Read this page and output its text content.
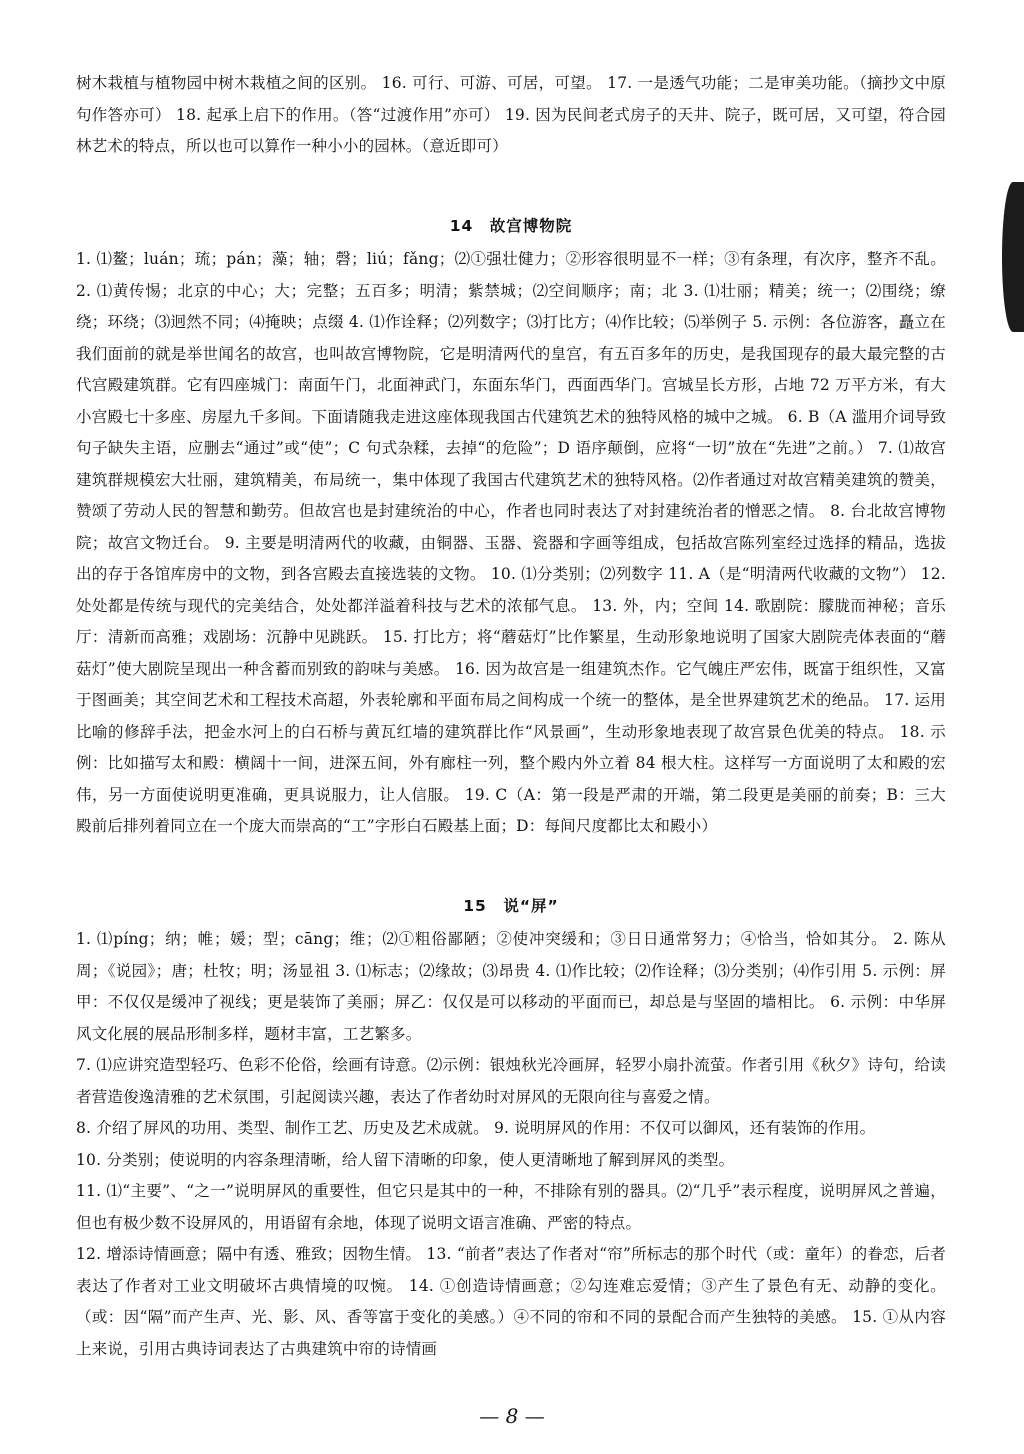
树木栽植与植物园中树木栽植之间的区别。 16. 可行、可游、可居，可望。 17. 一是透气功能；二是审美功能。（摘抄文中原句作答亦可） 18. 起承上启下的作用。（答“过渡作用”亦可） 19. 因为民间老式房子的天井、院子，既可居，又可望，符合园林艺术的特点，所以也可以算作一种小小的园林。（意近即可）

14　故宫博物院

1. ⑴鳌；luán；琉；pán；藻；轴；磬；liú；fǎng；⑵①强壮健力；②形容很明显不一样；③有条理，有次序，整齐不乱。 2. ⑴黄传惕；北京的中心；大；完整；五百多；明清；紫禁城；⑵空间顺序；南；北 3. ⑴壮丽；精美；统一；⑵围绕；缭绕；环绕；⑶迥然不同；⑷掩映；点缀 4. ⑴作诠释；⑵列数字；⑶打比方；⑷作比较；⑸举例子 5. 示例：各位游客，矗立在我们面前的就是举世闻名的故宫，也叫故宫博物院，它是明清两代的皇宫，有五百多年的历史，是我国现存的最大最完整的古代宫殿建筑群。它有四座城门：南面午门，北面神武门，东面东华门，西面西华门。宫城呈长方形，占地 72 万平方米，有大小宫殿七十多座、房屋九千多间。下面请随我走进这座体现我国古代建筑艺术的独特风格的城中之城。 6. B（A 滥用介词导致句子缺失主语，应删去“通过”或“使”；C 句式杂糅，去掉“的危险”；D 语序颠倒，应将“一切”放在“先进”之前。） 7. ⑴故宫建筑群规模宏大壮丽，建筑精美，布局统一，集中体现了我国古代建筑艺术的独特风格。⑵作者通过对故宫精美建筑的赞美，赞颂了劳动人民的智慧和勤劳。但故宫也是封建统治的中心，作者也同时表达了对封建统治者的憎恶之情。 8. 台北故宫博物院；故宫文物迁台。 9. 主要是明清两代的收藏，由铜器、玉器、瓷器和字画等组成，包括故宫陈列室经过选择的精品，选拔出的存于各馆库房中的文物，到各宫殿去直接选装的文物。 10. ⑴分类别；⑵列数字 11. A（是“明清两代收藏的文物”） 12. 处处都是传统与现代的完美结合，处处都洋溢着科技与艺术的浓郁气息。 13. 外，内；空间 14. 歌剧院：朦胧而神秘；音乐厅：清新而高雅；戏剧场：沉静中见跳跃。 15. 打比方；将“蘑菇灯”比作繁星，生动形象地说明了国家大剧院壳体表面的“蘑菇灯”使大剧院呈现出一种含蓄而别致的韵味与美感。 16. 因为故宫是一组建筑杰作。它气魄庄严宏伟，既富于组织性，又富于图画美；其空间艺术和工程技术高超，外表轮廓和平面布局之间构成一个统一的整体，是全世界建筑艺术的绝品。 17. 运用比喻的修辞手法，把金水河上的白石桥与黄瓦红墙的建筑群比作“风景画”，生动形象地表现了故宫景色优美的特点。 18. 示例：比如描写太和殿：横阔十一间，进深五间，外有廊柱一列，整个殿内外立着 84 根大柱。这样写一方面说明了太和殿的宏伟，另一方面使说明更准确，更具说服力，让人信服。 19. C（A：第一段是严肃的开端，第二段更是美丽的前奏；B：三大殿前后排列着同立在一个庞大而崇高的“工”字形白石殿基上面；D：每间尺度都比太和殿小）

15　说“屏”

1. ⑴píng；纳；帷；媛；型；cāng；维；⑵①粗俗鄙陋；②使冲突缓和；③日日通常努力；④恰当，恰如其分。 2. 陈从周；《说园》；唐；杜牧；明；汤显祖 3. ⑴标志；⑵缘故；⑶昂贵 4. ⑴作比较；⑵作诠释；⑶分类别；⑷作引用 5. 示例：屏甲：不仅仅是缓冲了视线；更是装饰了美丽；屏乙：仅仅是可以移动的平面而已，却总是与坚固的墙相比。 6. 示例：中华屏风文化展的展品形制多样，题材丰富，工艺繁多。

7. ⑴应讲究造型轻巧、色彩不伦俗，绘画有诗意。⑵示例：银烛秋光冷画屏，轻罗小扇扑流萤。作者引用《秋夕》诗句，给读者营造俊逸清雅的艺术氛围，引起阅读兴趣，表达了作者幼时对屏风的无限向往与喜爱之情。

8. 介绍了屏风的功用、类型、制作工艺、历史及艺术成就。 9. 说明屏风的作用：不仅可以御风，还有装饰的作用。

10. 分类别；使说明的内容条理清晰，给人留下清晰的印象，使人更清晰地了解到屏风的类型。

11. ⑴“主要”、“之一”说明屏风的重要性，但它只是其中的一种，不排除有别的器具。⑵“几乎”表示程度，说明屏风之普遍，但也有极少数不设屏风的，用语留有余地，体现了说明文语言准确、严密的特点。

12. 增添诗情画意；隔中有透、雅致；因物生情。 13. “前者”表达了作者对“帘”所标志的那个时代（或：童年）的眷恋，后者表达了作者对工业文明破坏古典情境的叹惋。 14. ①创造诗情画意；②勾连难忘爱情；③产生了景色有无、动静的变化。（或：因“隔”而产生声、光、影、风、香等富于变化的美感。）④不同的帘和不同的景配合而产生独特的美感。 15. ①从内容上来说，引用古典诗词表达了古典建筑中帘的诗情画

— 8 —
